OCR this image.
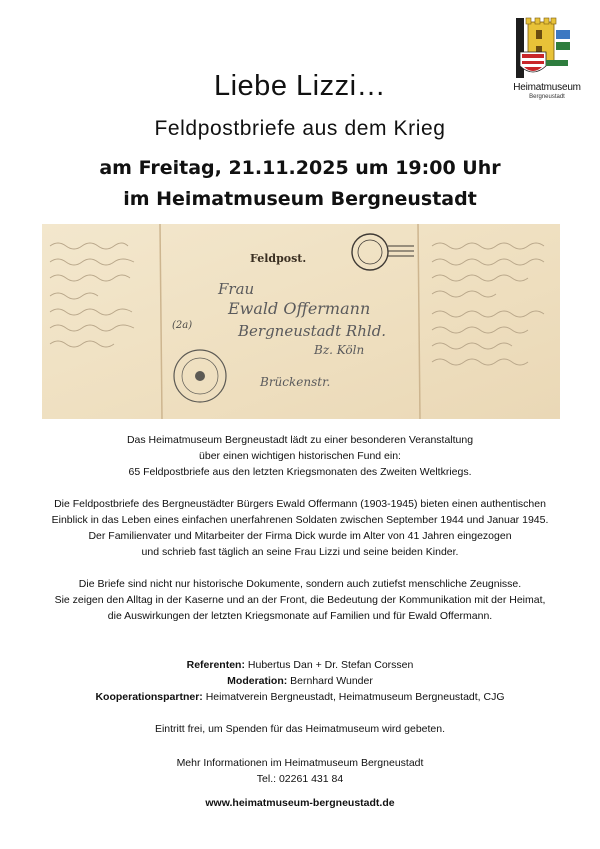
Heimatmuseum
Bergneustadt
Liebe Lizzi…
Feldpostbriefe aus dem Krieg
am Freitag, 21.11.2025 um 19:00 Uhr
im Heimatmuseum Bergneustadt
Feldpost.
(2a)
Frau
Ewald Offermann
Bergneustadt Rhld.
Bz. Köln
Brückenstr.
Das Heimatmuseum Bergneustadt lädt zu einer besonderen Veranstaltung
über einen wichtigen historischen Fund ein:
65 Feldpostbriefe aus den letzten Kriegsmonaten des Zweiten Weltkriegs.
Die Feldpostbriefe des Bergneustädter Bürgers Ewald Offermann (1903-1945) bieten einen authentischen
Einblick in das Leben eines einfachen unerfahrenen Soldaten zwischen September 1944 und Januar 1945.
Der Familienvater und Mitarbeiter der Firma Dick wurde im Alter von 41 Jahren eingezogen
und schrieb fast täglich an seine Frau Lizzi und seine beiden Kinder.
Die Briefe sind nicht nur historische Dokumente, sondern auch zutiefst menschliche Zeugnisse.
Sie zeigen den Alltag in der Kaserne und an der Front, die Bedeutung der Kommunikation mit der Heimat,
die Auswirkungen der letzten Kriegsmonate auf Familien und für Ewald Offermann.
Referenten: Hubertus Dan + Dr. Stefan Corssen
Moderation: Bernhard Wunder
Kooperationspartner: Heimatverein Bergneustadt, Heimatmuseum Bergneustadt, CJG
Eintritt frei, um Spenden für das Heimatmuseum wird gebeten.
Mehr Informationen im Heimatmuseum Bergneustadt
Tel.: 02261 431 84
www.heimatmuseum-bergneustadt.de
